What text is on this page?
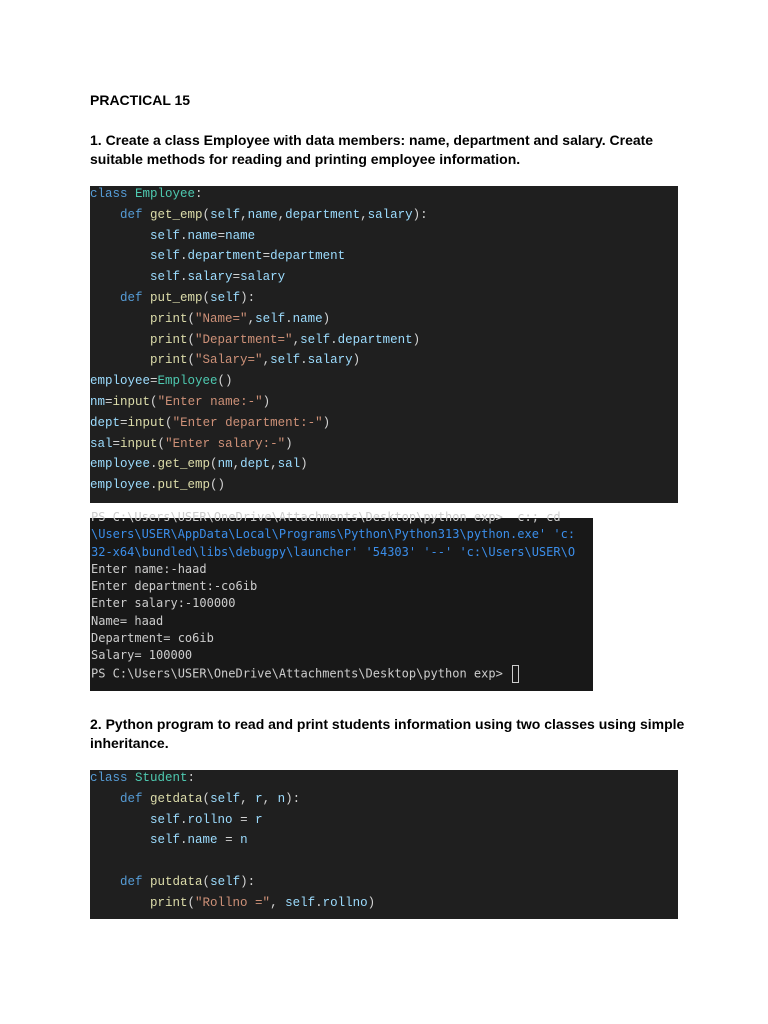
PRACTICAL 15
1. Create a class Employee with data members: name, department and salary. Create suitable methods for reading and printing employee information.
class Employee:
def get_emp(self,name,department,salary):
self.name=name
self.department=department
self.salary=salary
def put_emp(self):
print("Name=",self.name)
print("Department=",self.department)
print("Salary=",self.salary)
employee=Employee()
nm=input("Enter name:-")
dept=input("Enter department:-")
sal=input("Enter salary:-")
employee.get_emp(nm,dept,sal)
employee.put_emp()
PS C:\Users\USER\OneDrive\Attachments\Desktop\python exp>  c:; cd
\Users\USER\AppData\Local\Programs\Python\Python313\python.exe' 'c:
32-x64\bundled\libs\debugpy\launcher' '54303' '--' 'c:\Users\USER\O
Enter name:-haad
Enter department:-co6ib
Enter salary:-100000
Name= haad
Department= co6ib
Salary= 100000
PS C:\Users\USER\OneDrive\Attachments\Desktop\python exp>
2. Python program to read and print students information using two classes using simple inheritance.
class Student:
def getdata(self, r, n):
self.rollno = r
self.name = n
def putdata(self):
print("Rollno =", self.rollno)
